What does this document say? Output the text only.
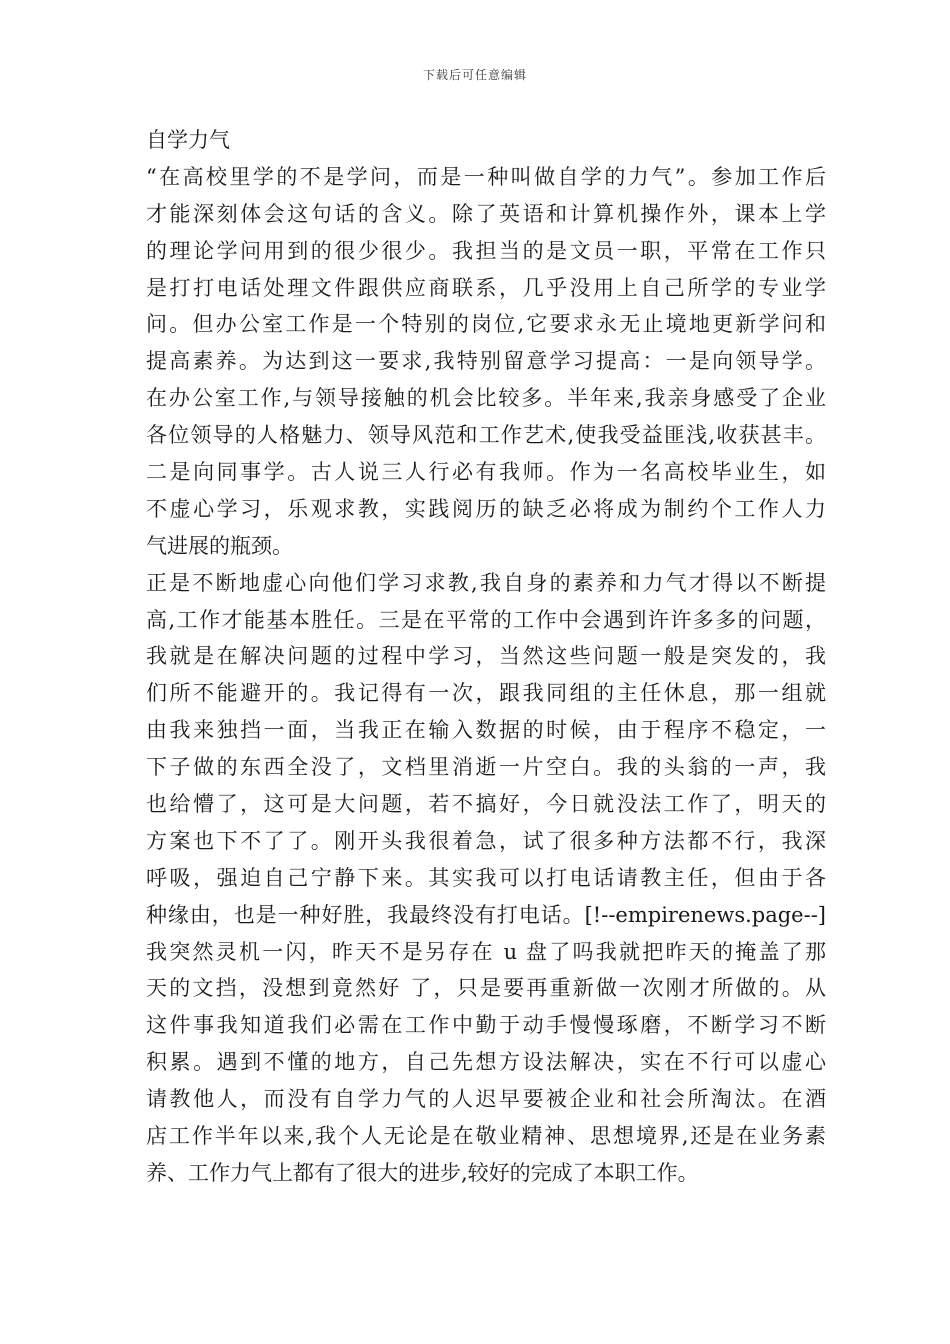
下载后可任意编辑
自学力气
“在高校里学的不是学问，而是一种叫做自学的力气”。参加工作后
才能深刻体会这句话的含义。除了英语和计算机操作外，课本上学
的理论学问用到的很少很少。我担当的是文员一职，平常在工作只
是打打电话处理文件跟供应商联系，几乎没用上自己所学的专业学
问。但办公室工作是一个特别的岗位,它要求永无止境地更新学问和
提高素养。为达到这一要求,我特别留意学习提高：一是向领导学。
在办公室工作,与领导接触的机会比较多。半年来,我亲身感受了企业
各位领导的人格魅力、领导风范和工作艺术,使我受益匪浅,收获甚丰。
二是向同事学。古人说三人行必有我师。作为一名高校毕业生，如
不虚心学习，乐观求教，实践阅历的缺乏必将成为制约个工作人力
气进展的瓶颈。
正是不断地虚心向他们学习求教,我自身的素养和力气才得以不断提
高,工作才能基本胜任。三是在平常的工作中会遇到许许多多的问题，
我就是在解决问题的过程中学习，当然这些问题一般是突发的，我
们所不能避开的。我记得有一次，跟我同组的主任休息，那一组就
由我来独挡一面，当我正在输入数据的时候，由于程序不稳定，一
下子做的东西全没了，文档里消逝一片空白。我的头翁的一声，我
也给懵了，这可是大问题，若不搞好，今日就没法工作了，明天的
方案也下不了了。刚开头我很着急，试了很多种方法都不行，我深
呼吸，强迫自己宁静下来。其实我可以打电话请教主任，但由于各
种缘由，也是一种好胜，我最终没有打电话。[!--empirenews.page--]
我突然灵机一闪，昨天不是另存在 u 盘了吗我就把昨天的掩盖了那
天的文挡，没想到竟然好 了，只是要再重新做一次刚才所做的。从
这件事我知道我们必需在工作中勤于动手慢慢琢磨，不断学习不断
积累。遇到不懂的地方，自己先想方设法解决，实在不行可以虚心
请教他人，而没有自学力气的人迟早要被企业和社会所淘汰。在酒
店工作半年以来,我个人无论是在敬业精神、思想境界,还是在业务素
养、工作力气上都有了很大的进步,较好的完成了本职工作。
